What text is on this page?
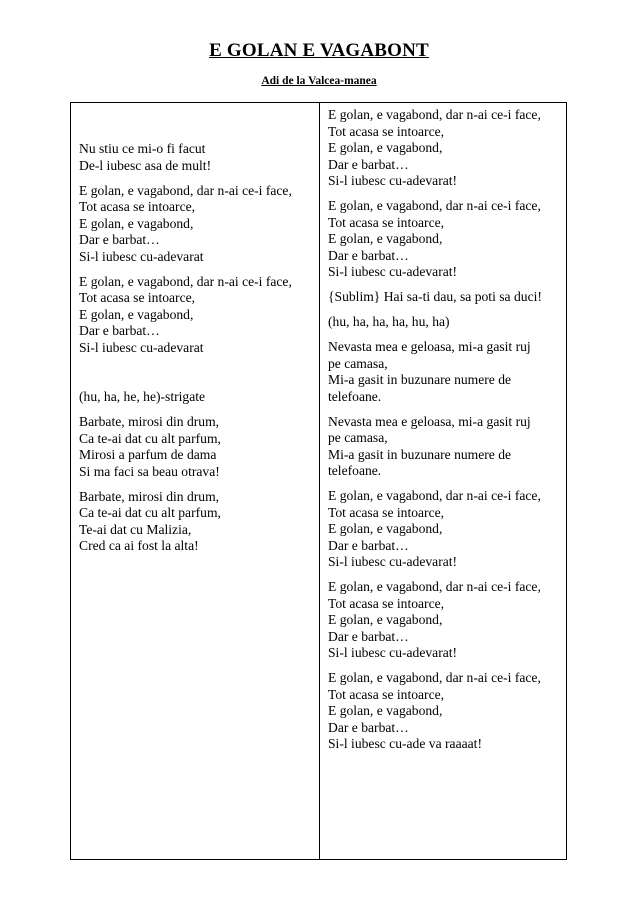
E GOLAN E VAGABONT
Adi de la Valcea-manea
Nu stiu ce mi-o fi facut
De-l iubesc asa de mult!
E golan, e vagabond, dar n-ai ce-i face,
Tot acasa se intoarce,
E golan, e vagabond,
Dar e barbat…
Si-l iubesc cu-adevarat
E golan, e vagabond, dar n-ai ce-i face,
Tot acasa se intoarce,
E golan, e vagabond,
Dar e barbat…
Si-l iubesc cu-adevarat
(hu, ha, he, he)-strigate
Barbate, mirosi din drum,
Ca te-ai dat cu alt parfum,
Mirosi a parfum de dama
Si ma faci sa beau otrava!
Barbate, mirosi din drum,
Ca te-ai dat cu alt parfum,
Te-ai dat cu Malizia,
Cred ca ai fost la alta!
E golan, e vagabond, dar n-ai ce-i face,
Tot acasa se intoarce,
E golan, e vagabond,
Dar e barbat…
Si-l iubesc cu-adevarat!
E golan, e vagabond, dar n-ai ce-i face,
Tot acasa se intoarce,
E golan, e vagabond,
Dar e barbat…
Si-l iubesc cu-adevarat!
{Sublim} Hai sa-ti dau, sa poti sa duci!
(hu, ha, ha, ha, hu, ha)
Nevasta mea e geloasa, mi-a gasit ruj
pe camasa,
Mi-a gasit in buzunare numere de
telefoane.
Nevasta mea e geloasa, mi-a gasit ruj
pe camasa,
Mi-a gasit in buzunare numere de
telefoane.
E golan, e vagabond, dar n-ai ce-i face,
Tot acasa se intoarce,
E golan, e vagabond,
Dar e barbat…
Si-l iubesc cu-adevarat!
E golan, e vagabond, dar n-ai ce-i face,
Tot acasa se intoarce,
E golan, e vagabond,
Dar e barbat…
Si-l iubesc cu-adevarat!
E golan, e vagabond, dar n-ai ce-i face,
Tot acasa se intoarce,
E golan, e vagabond,
Dar e barbat…
Si-l iubesc cu-ade va raaaat!
